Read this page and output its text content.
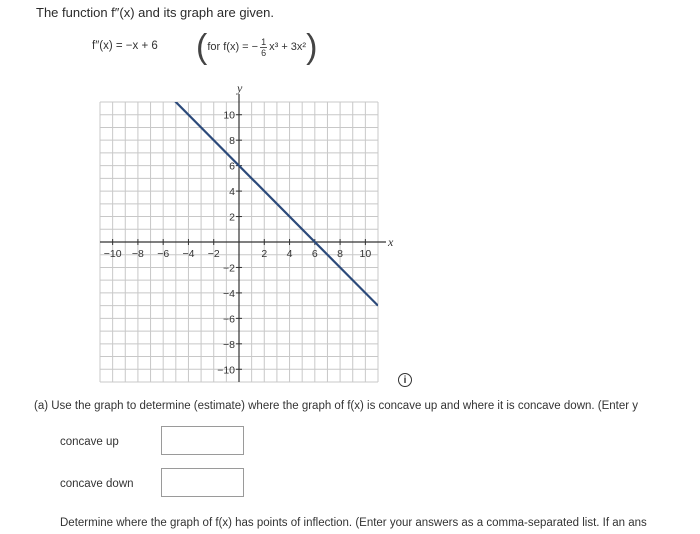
The function f″(x) and its graph are given.
f″(x) = −x + 6 (for f(x) = − $\frac{1}{6} x^3 + 3x^2$)
x
y
−10 −8 −6 −4 −2	2 4 6 8 10
10
8
6
4
2
−2
−4
−6
−8
−10
i
(a) Use the graph to determine (estimate) where the graph of f(x) is concave up and where it is concave down. (Enter y
concave up
concave down
Determine where the graph of f(x) has points of inflection. (Enter your answers as a comma-separated list. If an ans
